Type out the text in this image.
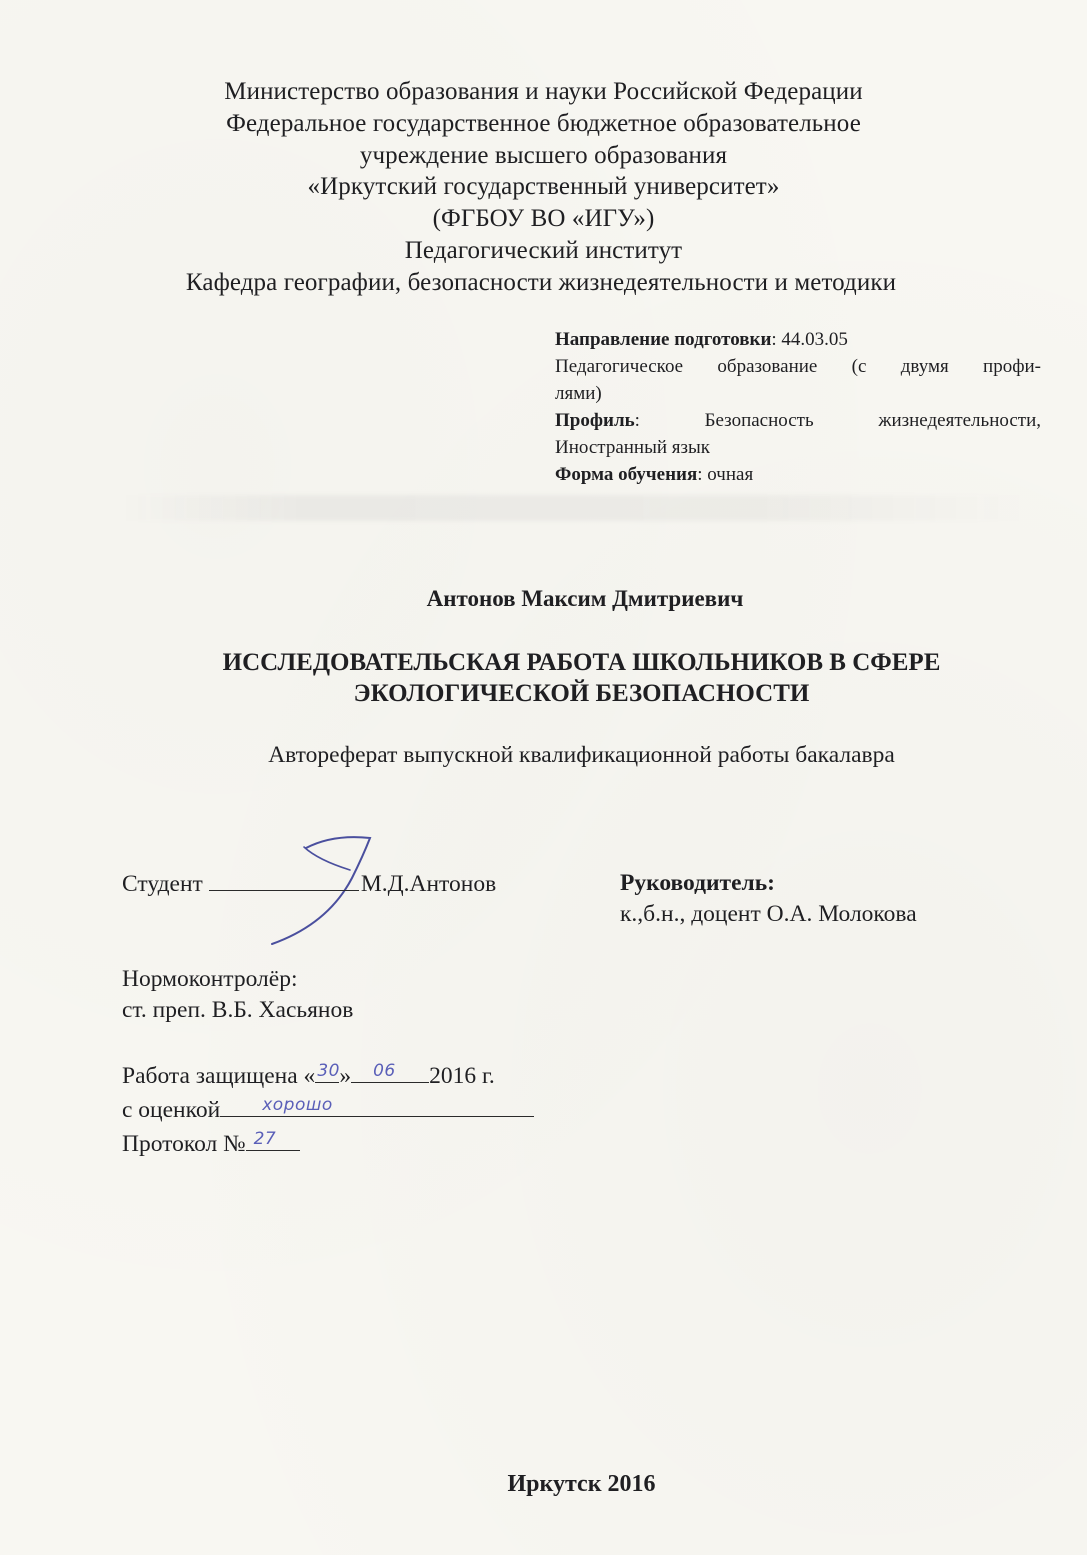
Министерство образования и науки Российской Федерации
Федеральное государственное бюджетное образовательное
учреждение высшего образования
«Иркутский государственный университет»
(ФГБОУ ВО «ИГУ»)
Педагогический институт
Кафедра географии, безопасности жизнедеятельности и методики
Направление подготовки: 44.03.05
Педагогическое образование (с двумя профи-
лями)
Профиль: Безопасность жизнедеятельности,
Иностранный язык
Форма обучения: очная
Антонов Максим Дмитриевич
ИССЛЕДОВАТЕЛЬСКАЯ РАБОТА ШКОЛЬНИКОВ В СФЕРЕ
ЭКОЛОГИЧЕСКОЙ БЕЗОПАСНОСТИ
Автореферат выпускной квалификационной работы бакалавра
Студент	М.Д.Антонов	Руководитель:
к.,б.н., доцент О.А. Молокова
Нормоконтролёр:
ст. преп. В.Б. Хасьянов
Работа защищена « 30 » 06 2016 г.
с оценкой хорошо
Протокол № 27
Иркутск 2016
